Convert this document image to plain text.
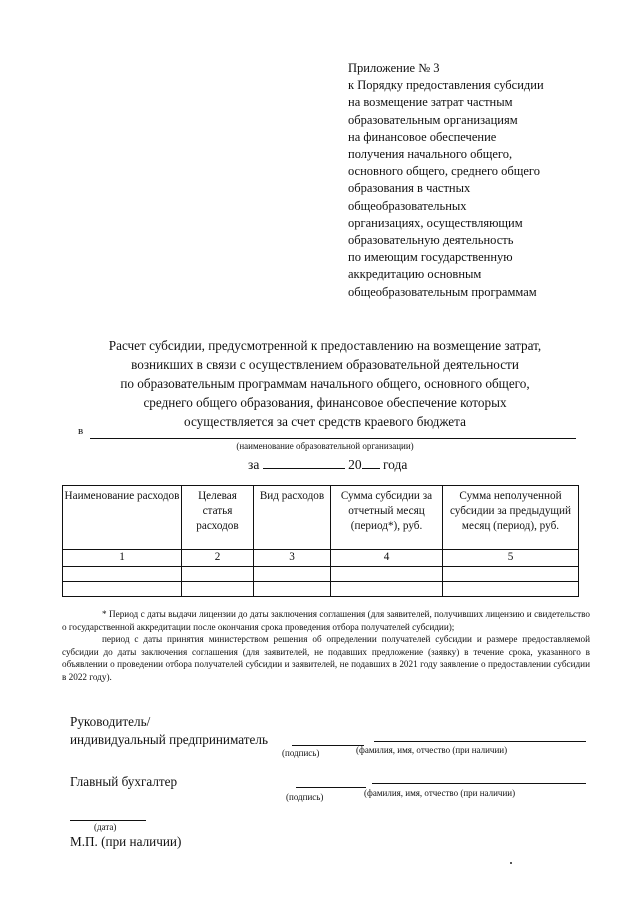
Приложение № 3
к Порядку предоставления субсидии
на возмещение затрат частным
образовательным организациям
на финансовое обеспечение
получения начального общего,
основного общего, среднего общего
образования в частных
общеобразовательных
организациях, осуществляющим
образовательную деятельность
по имеющим государственную
аккредитацию основным
общеобразовательным программам
Расчет субсидии, предусмотренной к предоставлению на возмещение затрат,
возникших в связи с осуществлением образовательной деятельности
по образовательным программам начального общего, основного общего,
среднего общего образования, финансовое обеспечение которых
осуществляется за счет средств краевого бюджета
в
(наименование образовательной организации)
за	20 года
Наименование расходов	Целевая статья расходов	Вид расходов	Сумма субсидии за отчетный месяц (период*), руб.	Сумма неполученной субсидии за предыдущий месяц (период), руб.
1	2	3	4	5

* Период с даты выдачи лицензии до даты заключения соглашения (для заявителей, получивших лицензию и свидетельство о государственной аккредитации после окончания срока проведения отбора получателей субсидии);

период с даты принятия министерством решения об определении получателей субсидии и размере предоставляемой субсидии до даты заключения соглашения (для заявителей, не подавших предложение (заявку) в течение срока, указанного в объявлении о проведении отбора получателей субсидии и заявителей, не подавших в 2021 году заявление о предоставлении субсидии в 2022 году).

Руководитель/
индивидуальный предприниматель
(подпись)	(фамилия, имя, отчество (при наличии)
Главный бухгалтер
(подпись)	(фамилия, имя, отчество (при наличии)
(дата)
М.П. (при наличии)
